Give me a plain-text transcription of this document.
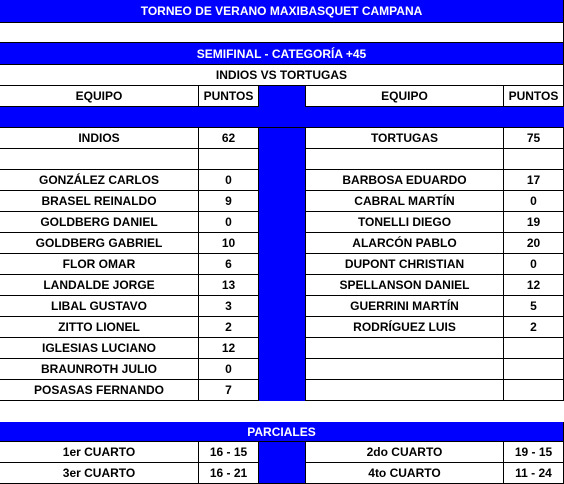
TORNEO DE VERANO MAXIBASQUET CAMPANA
SEMIFINAL - CATEGORÍA +45
INDIOS VS TORTUGAS
EQUIPO	PUNTOS	EQUIPO	PUNTOS
INDIOS	62	TORTUGAS	75
GONZÁLEZ CARLOS	0	BARBOSA EDUARDO	17
BRASEL REINALDO	9	CABRAL MARTÍN	0
GOLDBERG DANIEL	0	TONELLI DIEGO	19
GOLDBERG GABRIEL	10	ALARCÓN PABLO	20
FLOR OMAR	6	DUPONT CHRISTIAN	0
LANDALDE JORGE	13	SPELLANSON DANIEL	12
LIBAL GUSTAVO	3	GUERRINI MARTÍN	5
ZITTO LIONEL	2	RODRÍGUEZ LUIS	2
IGLESIAS LUCIANO	12
BRAUNROTH JULIO	0
POSASAS FERNANDO	7
PARCIALES
1er CUARTO	16 - 15	2do CUARTO	19 - 15
3er CUARTO	16 - 21	4to CUARTO	11 - 24
